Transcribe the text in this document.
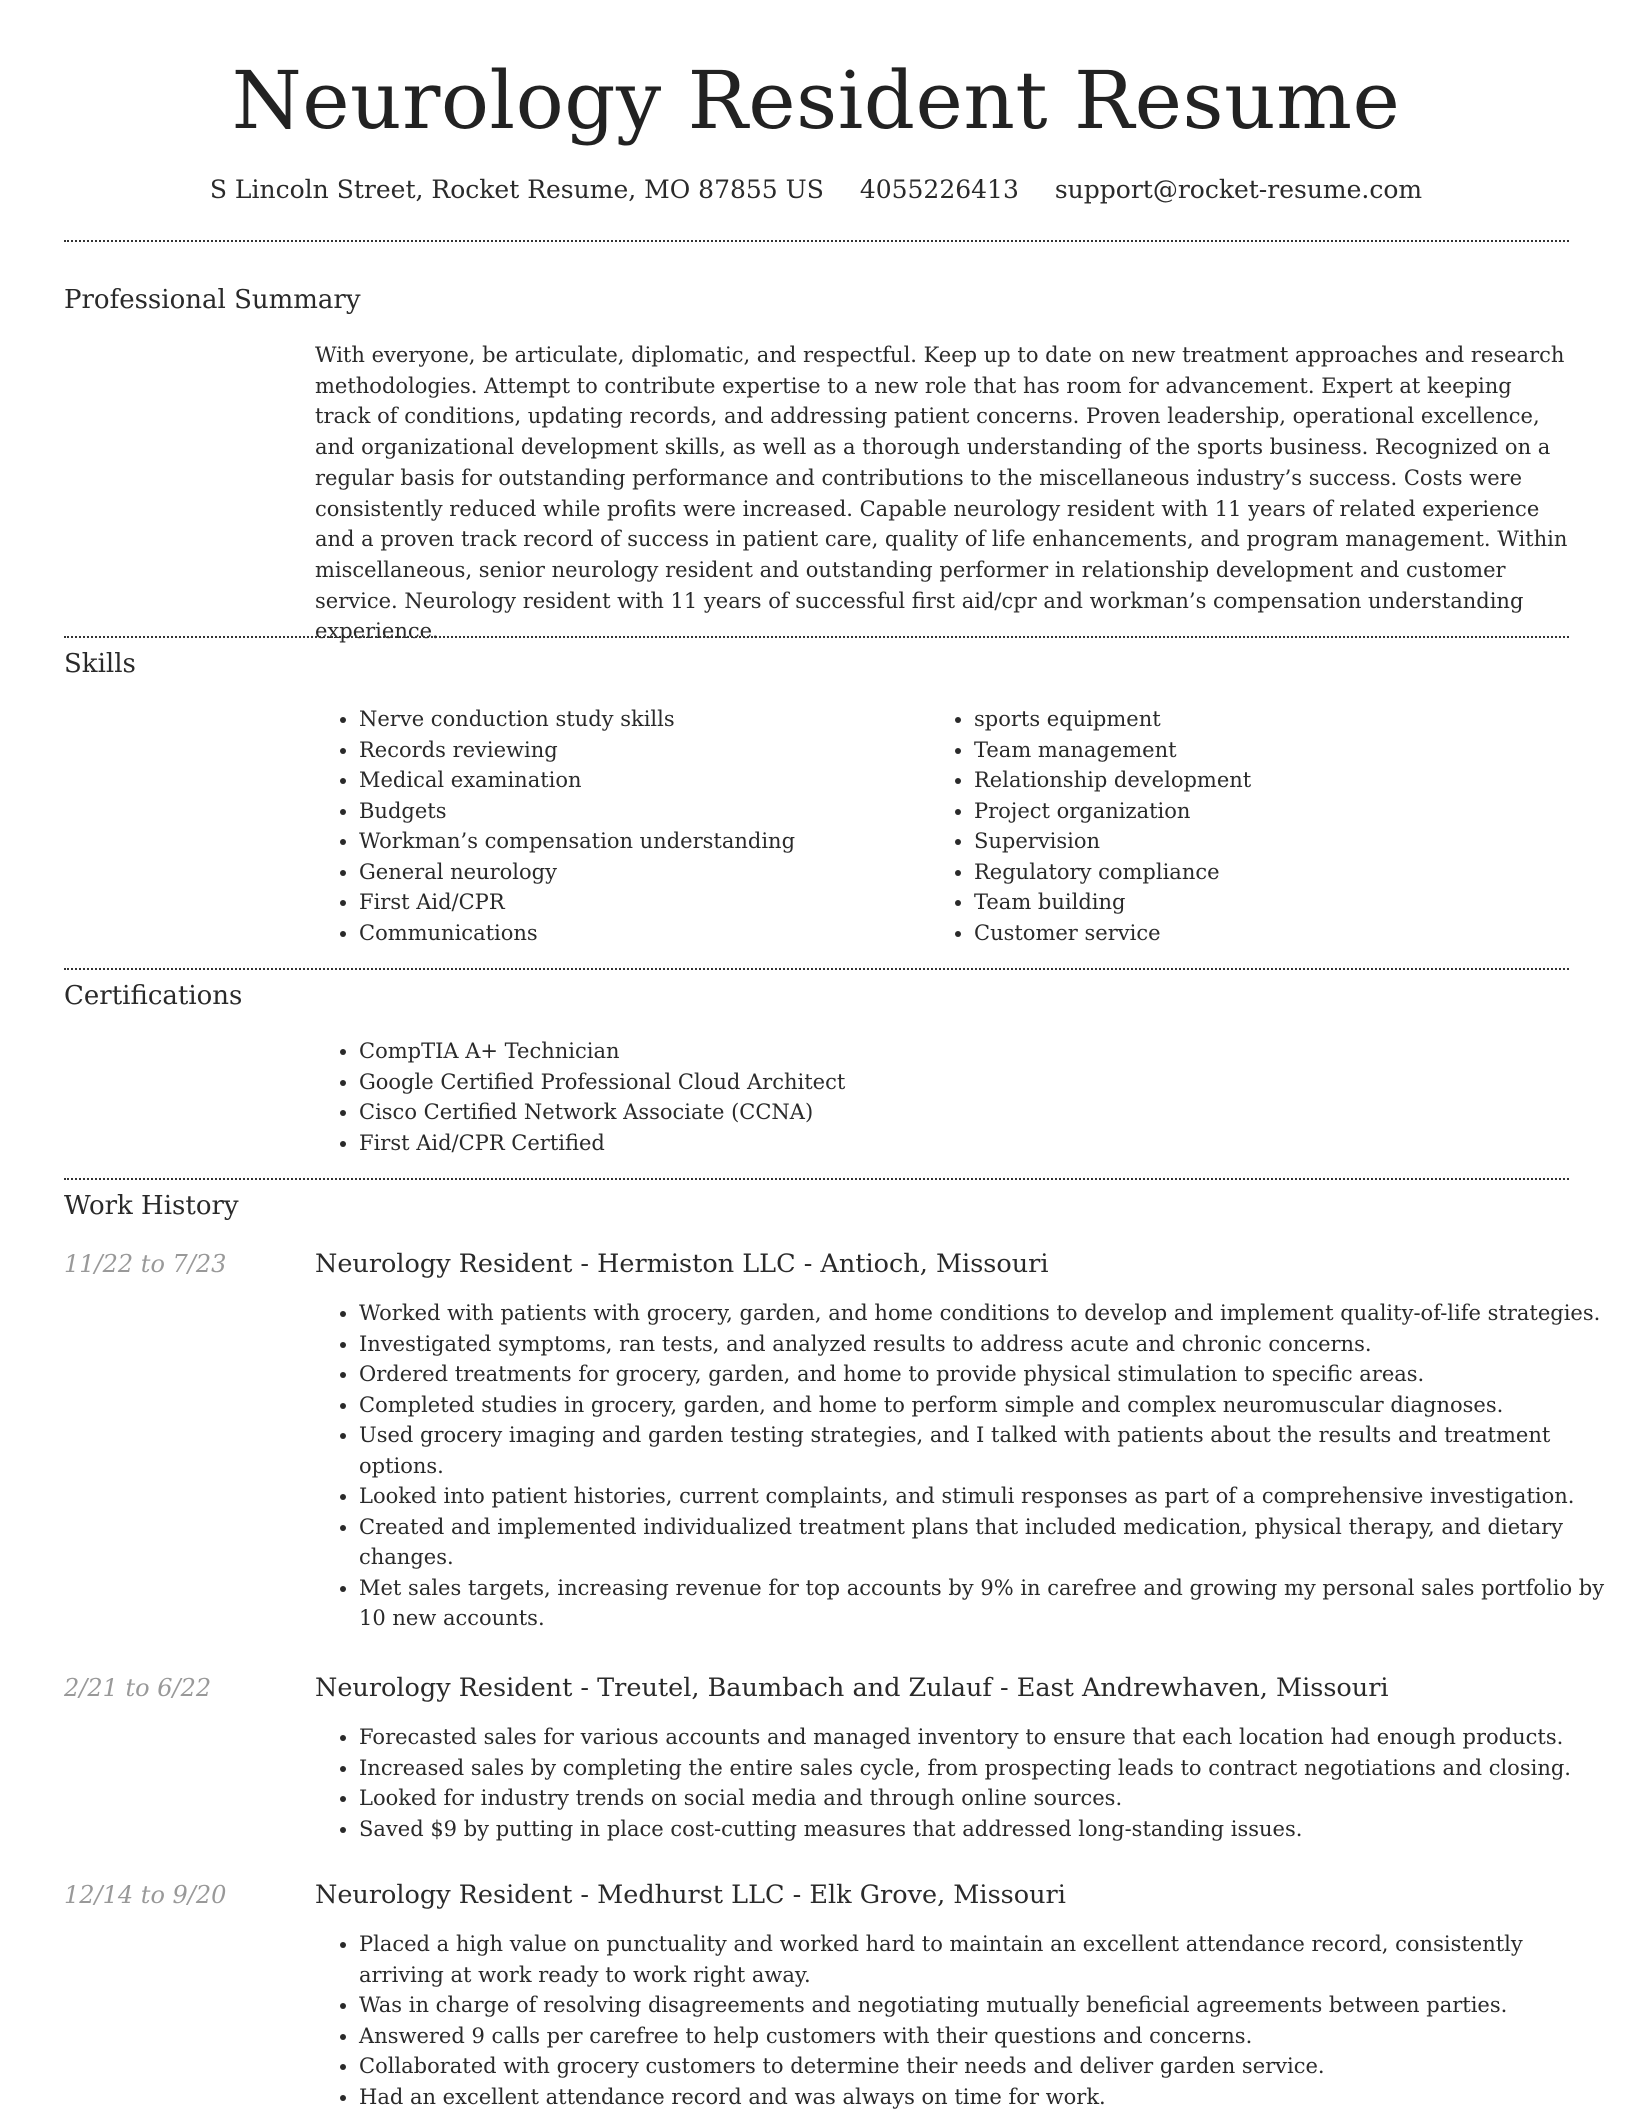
Neurology Resident Resume
S Lincoln Street, Rocket Resume, MO 87855 US 4055226413 support@rocket-resume.com
Professional Summary
With everyone, be articulate, diplomatic, and respectful. Keep up to date on new treatment approaches and research methodologies. Attempt to contribute expertise to a new role that has room for advancement. Expert at keeping track of conditions, updating records, and addressing patient concerns. Proven leadership, operational excellence, and organizational development skills, as well as a thorough understanding of the sports business. Recognized on a regular basis for outstanding performance and contributions to the miscellaneous industry’s success. Costs were consistently reduced while profits were increased. Capable neurology resident with 11 years of related experience and a proven track record of success in patient care, quality of life enhancements, and program management. Within miscellaneous, senior neurology resident and outstanding performer in relationship development and customer service. Neurology resident with 11 years of successful first aid/cpr and workman’s compensation understanding experience.
Skills
• Nerve conduction study skills
• Records reviewing
• Medical examination
• Budgets
• Workman’s compensation understanding
• General neurology
• First Aid/CPR
• Communications
• sports equipment
• Team management
• Relationship development
• Project organization
• Supervision
• Regulatory compliance
• Team building
• Customer service
Certifications
• CompTIA A+ Technician
• Google Certified Professional Cloud Architect
• Cisco Certified Network Associate (CCNA)
• First Aid/CPR Certified
Work History
11/22 to 7/23	Neurology Resident - Hermiston LLC - Antioch, Missouri
• Worked with patients with grocery, garden, and home conditions to develop and implement quality-of-life strategies.
• Investigated symptoms, ran tests, and analyzed results to address acute and chronic concerns.
• Ordered treatments for grocery, garden, and home to provide physical stimulation to specific areas.
• Completed studies in grocery, garden, and home to perform simple and complex neuromuscular diagnoses.
• Used grocery imaging and garden testing strategies, and I talked with patients about the results and treatment options.
• Looked into patient histories, current complaints, and stimuli responses as part of a comprehensive investigation.
• Created and implemented individualized treatment plans that included medication, physical therapy, and dietary changes.
• Met sales targets, increasing revenue for top accounts by 9% in carefree and growing my personal sales portfolio by 10 new accounts.
2/21 to 6/22	Neurology Resident - Treutel, Baumbach and Zulauf - East Andrewhaven, Missouri
• Forecasted sales for various accounts and managed inventory to ensure that each location had enough products.
• Increased sales by completing the entire sales cycle, from prospecting leads to contract negotiations and closing.
• Looked for industry trends on social media and through online sources.
• Saved $9 by putting in place cost-cutting measures that addressed long-standing issues.
12/14 to 9/20	Neurology Resident - Medhurst LLC - Elk Grove, Missouri
• Placed a high value on punctuality and worked hard to maintain an excellent attendance record, consistently arriving at work ready to work right away.
• Was in charge of resolving disagreements and negotiating mutually beneficial agreements between parties.
• Answered 9 calls per carefree to help customers with their questions and concerns.
• Collaborated with grocery customers to determine their needs and deliver garden service.
• Had an excellent attendance record and was always on time for work.
